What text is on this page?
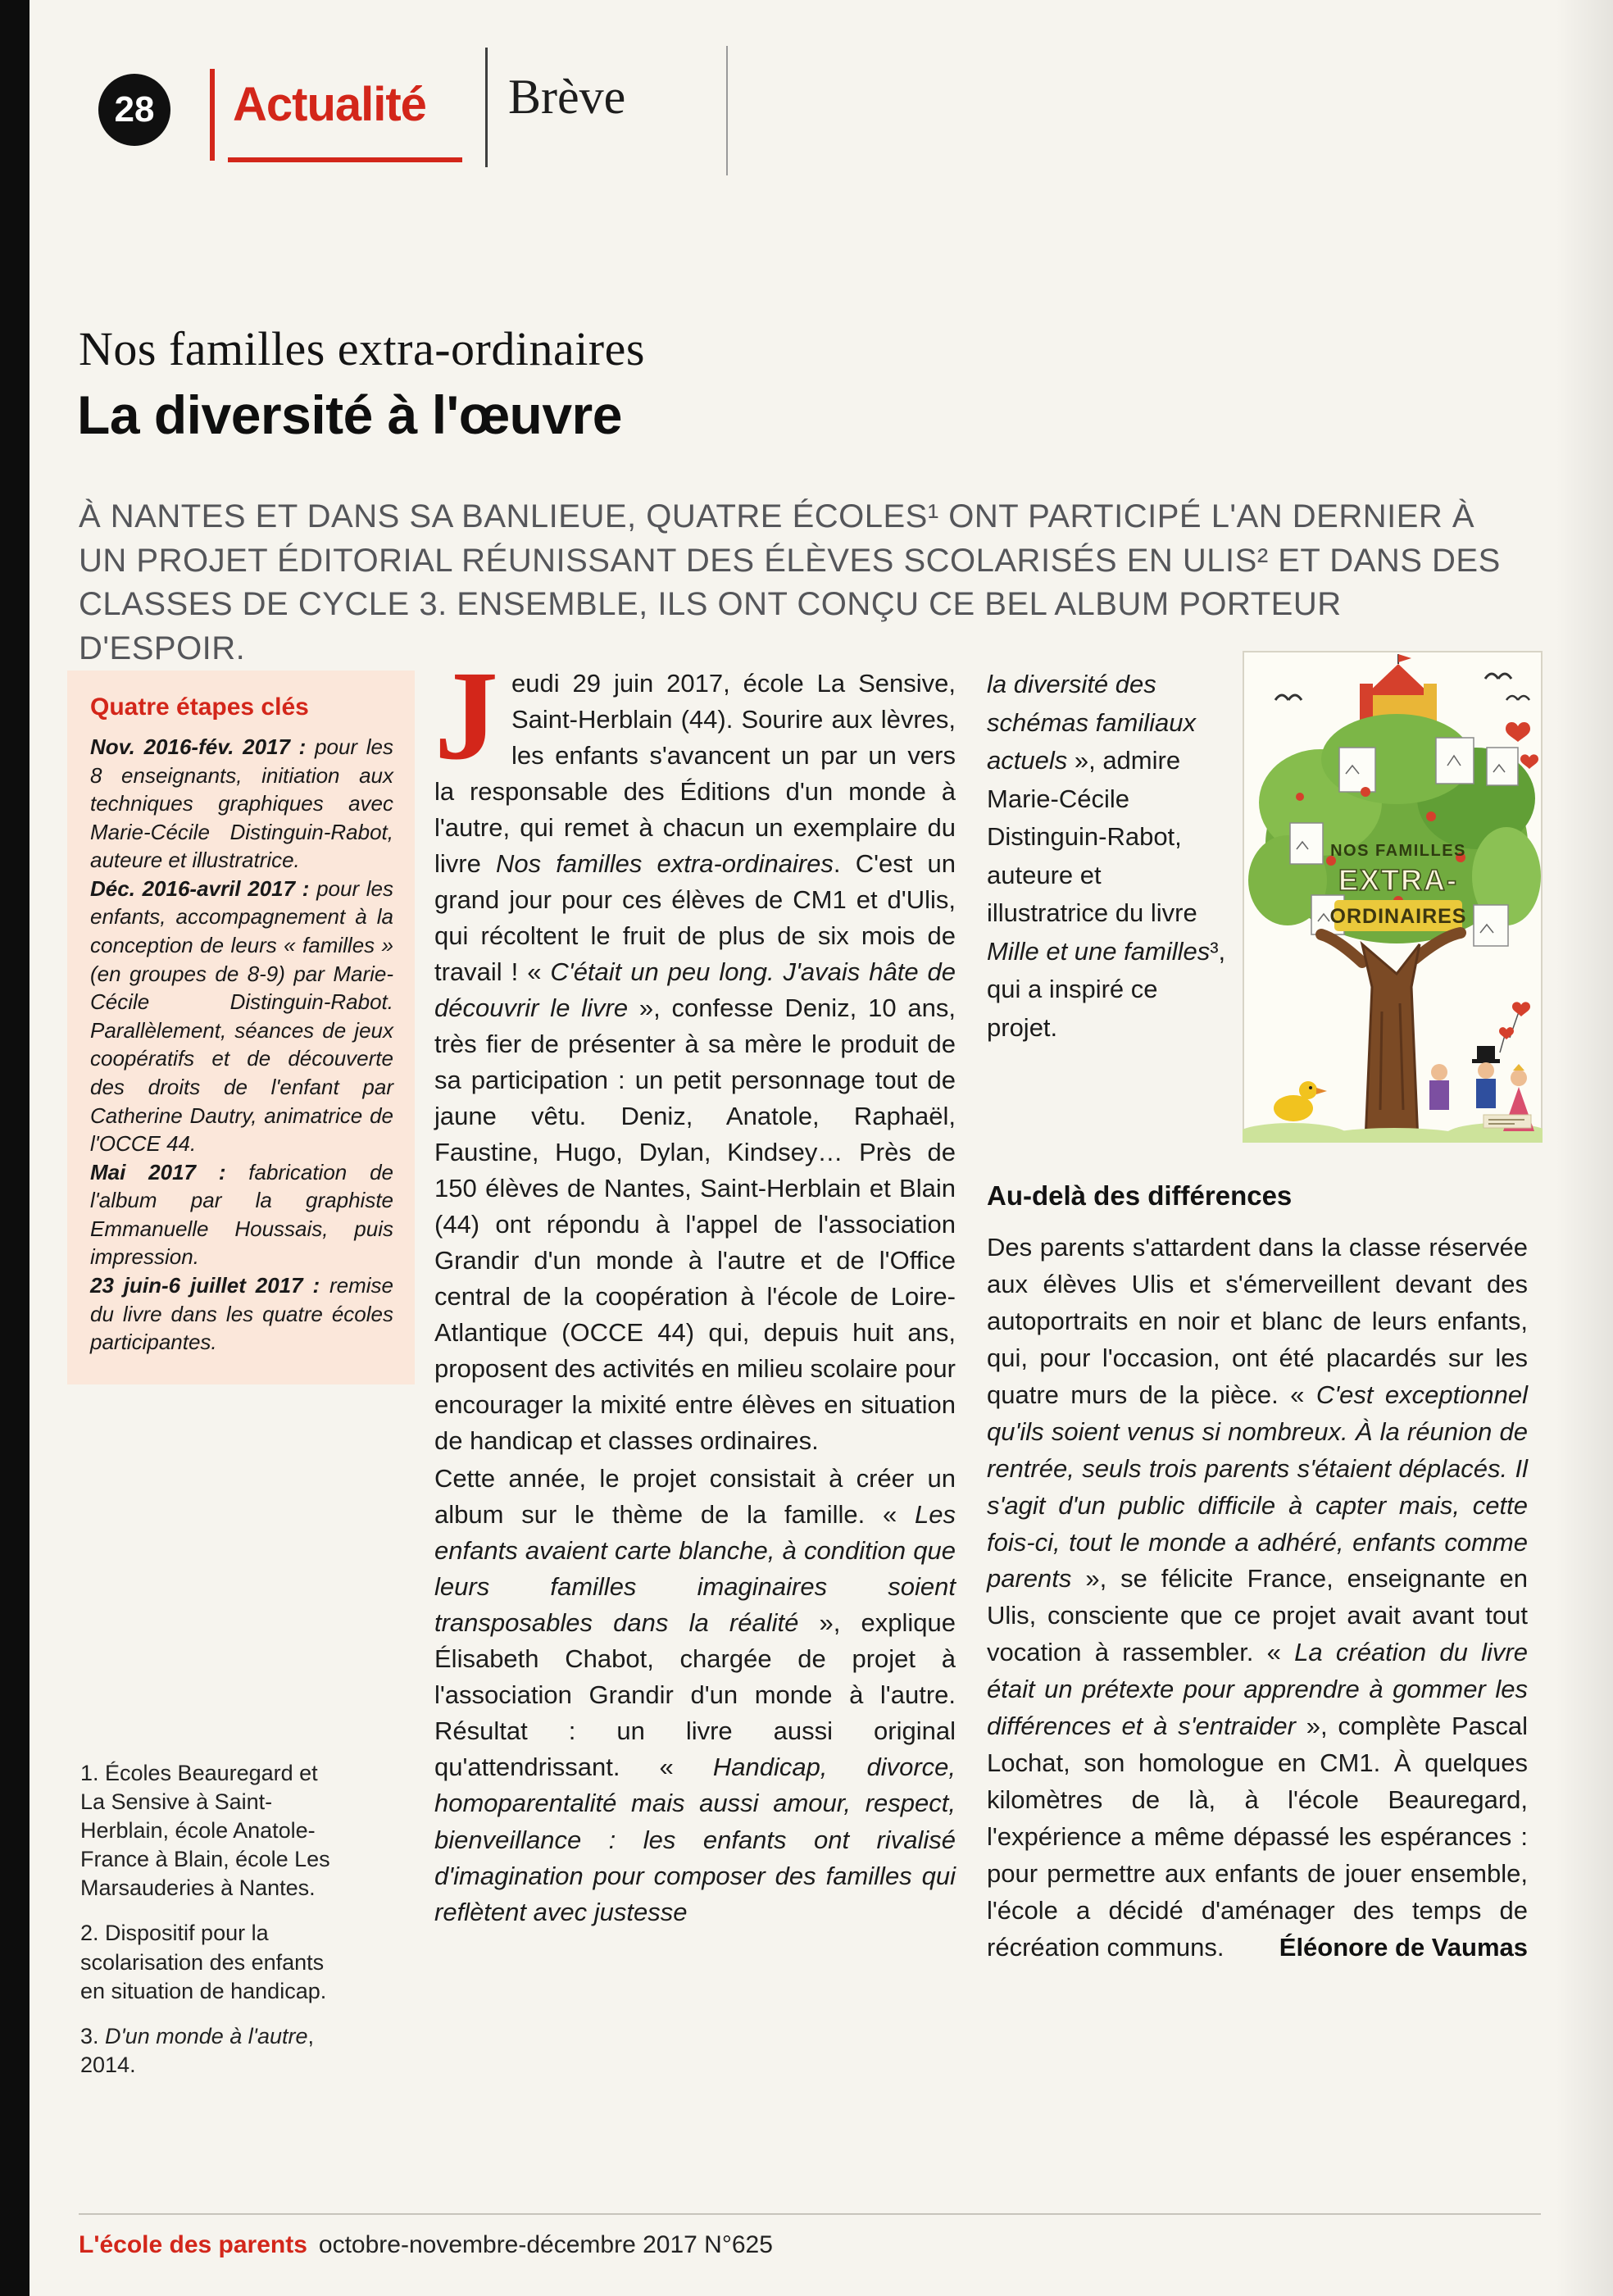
28	Actualité Brève
Nos familles extra-ordinaires
La diversité à l'œuvre
À NANTES ET DANS SA BANLIEUE, QUATRE ÉCOLES¹ ONT PARTICIPÉ L'AN DERNIER À UN PROJET ÉDITORIAL RÉUNISSANT DES ÉLÈVES SCOLARISÉS EN ULIS² ET DANS DES CLASSES DE CYCLE 3. ENSEMBLE, ILS ONT CONÇU CE BEL ALBUM PORTEUR D'ESPOIR.
Quatre étapes clés
Nov. 2016-fév. 2017 : pour les 8 enseignants, initiation aux techniques graphiques avec Marie-Cécile Distinguin-Rabot, auteure et illustratrice.
Déc. 2016-avril 2017 : pour les enfants, accompagnement à la conception de leurs « familles » (en groupes de 8-9) par Marie-Cécile Distinguin-Rabot. Parallèlement, séances de jeux coopératifs et de découverte des droits de l'enfant par Catherine Dautry, animatrice de l'OCCE 44.
Mai 2017 : fabrication de l'album par la graphiste Emmanuelle Houssais, puis impression.
23 juin-6 juillet 2017 : remise du livre dans les quatre écoles participantes.
1. Écoles Beauregard et La Sensive à Saint-Herblain, école Anatole-France à Blain, école Les Marsauderies à Nantes.
2. Dispositif pour la scolarisation des enfants en situation de handicap.
3. D'un monde à l'autre, 2014.
J eudi 29 juin 2017, école La Sensive, Saint-Herblain (44). Sourire aux lèvres, les enfants s'avancent un par un vers la responsable des Éditions d'un monde à l'autre, qui remet à chacun un exemplaire du livre Nos familles extra-ordinaires. C'est un grand jour pour ces élèves de CM1 et d'Ulis, qui récoltent le fruit de plus de six mois de travail ! « C'était un peu long. J'avais hâte de découvrir le livre », confesse Deniz, 10 ans, très fier de présenter à sa mère le produit de sa participation : un petit personnage tout de jaune vêtu. Deniz, Anatole, Raphaël, Faustine, Hugo, Dylan, Kindsey… Près de 150 élèves de Nantes, Saint-Herblain et Blain (44) ont répondu à l'appel de l'association Grandir d'un monde à l'autre et de l'Office central de la coopération à l'école de Loire-Atlantique (OCCE 44) qui, depuis huit ans, proposent des activités en milieu scolaire pour encourager la mixité entre élèves en situation de handicap et classes ordinaires.

Cette année, le projet consistait à créer un album sur le thème de la famille. « Les enfants avaient carte blanche, à condition que leurs familles imaginaires soient transposables dans la réalité », explique Élisabeth Chabot, chargée de projet à l'association Grandir d'un monde à l'autre. Résultat : un livre aussi original qu'attendrissant. « Handicap, divorce, homoparentalité mais aussi amour, respect, bienveillance : les enfants ont rivalisé d'imagination pour composer des familles qui reflètent avec justesse

la diversité des schémas familiaux actuels », admire Marie-Cécile Distinguin-Rabot, auteure et illustratrice du livre Mille et une familles³, qui a inspiré ce projet.
NOS FAMILLES
EXTRA-
ORDINAIRES
Au-delà des différences
Des parents s'attardent dans la classe réservée aux élèves Ulis et s'émerveillent devant des autoportraits en noir et blanc de leurs enfants, qui, pour l'occasion, ont été placardés sur les quatre murs de la pièce. « C'est exceptionnel qu'ils soient venus si nombreux. À la réunion de rentrée, seuls trois parents s'étaient déplacés. Il s'agit d'un public difficile à capter mais, cette fois-ci, tout le monde a adhéré, enfants comme parents », se félicite France, enseignante en Ulis, consciente que ce projet avait avant tout vocation à rassembler. « La création du livre était un prétexte pour apprendre à gommer les différences et à s'entraider », complète Pascal Lochat, son homologue en CM1. À quelques kilomètres de là, à l'école Beauregard, l'expérience a même dépassé les espérances : pour permettre aux enfants de jouer ensemble, l'école a décidé d'aménager des temps de récréation communs. Éléonore de Vaumas
L'école des parents octobre-novembre-décembre 2017 N°625
